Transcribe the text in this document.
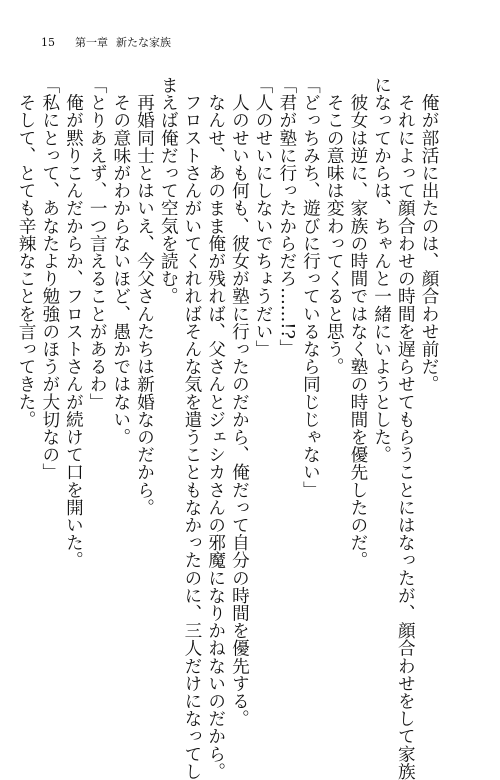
15	第一章 新たな家族
　俺が部活に出たのは、顔合わせ前だ。
　それによって顔合わせの時間を遅らせてもらうことにはなったが、顔合わせをして家族
になってからは、ちゃんと一緒にいようとした。
　彼女は逆に、家族の時間ではなく塾の時間を優先したのだ。
　そこの意味は変わってくると思う。
「どっちみち、遊びに行っているなら同じじゃない」
「君が塾に行ったからだろ……!?」
「人のせいにしないでちょうだい」
　人のせいも何も、彼女が塾に行ったのだから、俺だって自分の時間を優先する。
　なんせ、あのまま俺が残れば、父さんとジェシカさんの邪魔になりかねないのだから。
　フロストさんがいてくれればそんな気を遣うこともなかったのに、三人だけになってし
まえば俺だって空気を読む。
　再婚同士とはいえ、今父さんたちは新婚なのだから。
　その意味がわからないほど、愚かではない。
「とりあえず、一つ言えることがあるわ」
　俺が黙りこんだからか、フロストさんが続けて口を開いた。
「私にとって、あなたより勉強のほうが大切なの」
　そして、とても辛辣なことを言ってきた。
